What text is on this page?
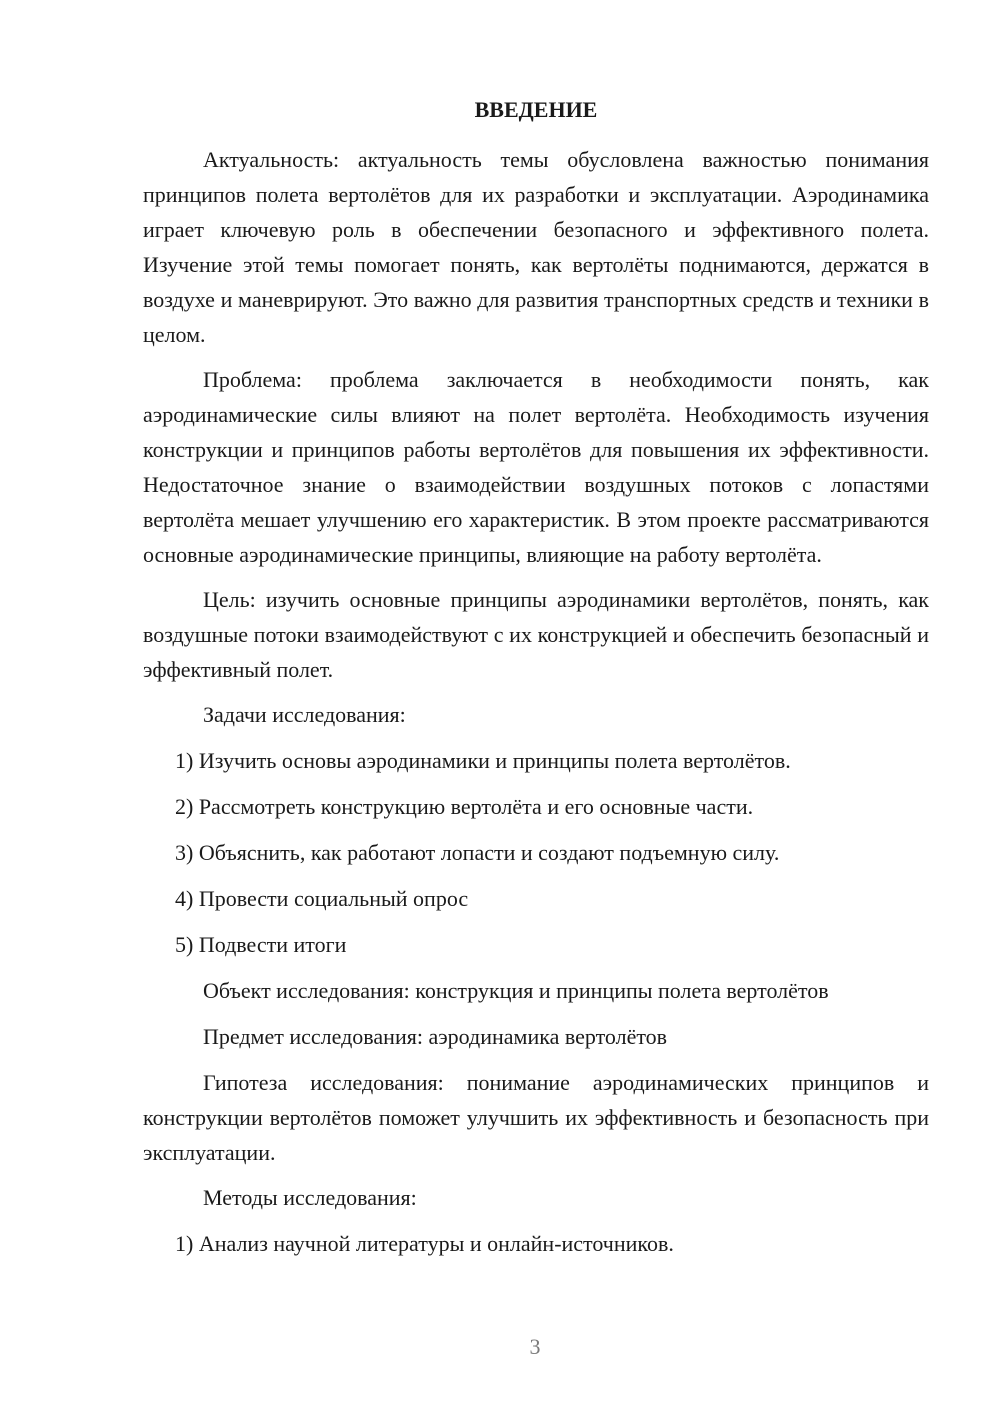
ВВЕДЕНИЕ

Актуальность: актуальность темы обусловлена важностью понимания принципов полета вертолётов для их разработки и эксплуатации. Аэродинамика играет ключевую роль в обеспечении безопасного и эффективного полета. Изучение этой темы помогает понять, как вертолёты поднимаются, держатся в воздухе и маневрируют. Это важно для развития транспортных средств и техники в целом.

Проблема: проблема заключается в необходимости понять, как аэродинамические силы влияют на полет вертолёта. Необходимость изучения конструкции и принципов работы вертолётов для повышения их эффективности. Недостаточное знание о взаимодействии воздушных потоков с лопастями вертолёта мешает улучшению его характеристик. В этом проекте рассматриваются основные аэродинамические принципы, влияющие на работу вертолёта.

Цель: изучить основные принципы аэродинамики вертолётов, понять, как воздушные потоки взаимодействуют с их конструкцией и обеспечить безопасный и эффективный полет.

Задачи исследования:

1) Изучить основы аэродинамики и принципы полета вертолётов.

2) Рассмотреть конструкцию вертолёта и его основные части.

3) Объяснить, как работают лопасти и создают подъемную силу.

4) Провести социальный опрос

5) Подвести итоги

Объект исследования: конструкция и принципы полета вертолётов

Предмет исследования: аэродинамика вертолётов

Гипотеза исследования: понимание аэродинамических принципов и конструкции вертолётов поможет улучшить их эффективность и безопасность при эксплуатации.

Методы исследования:

1) Анализ научной литературы и онлайн-источников.

3
